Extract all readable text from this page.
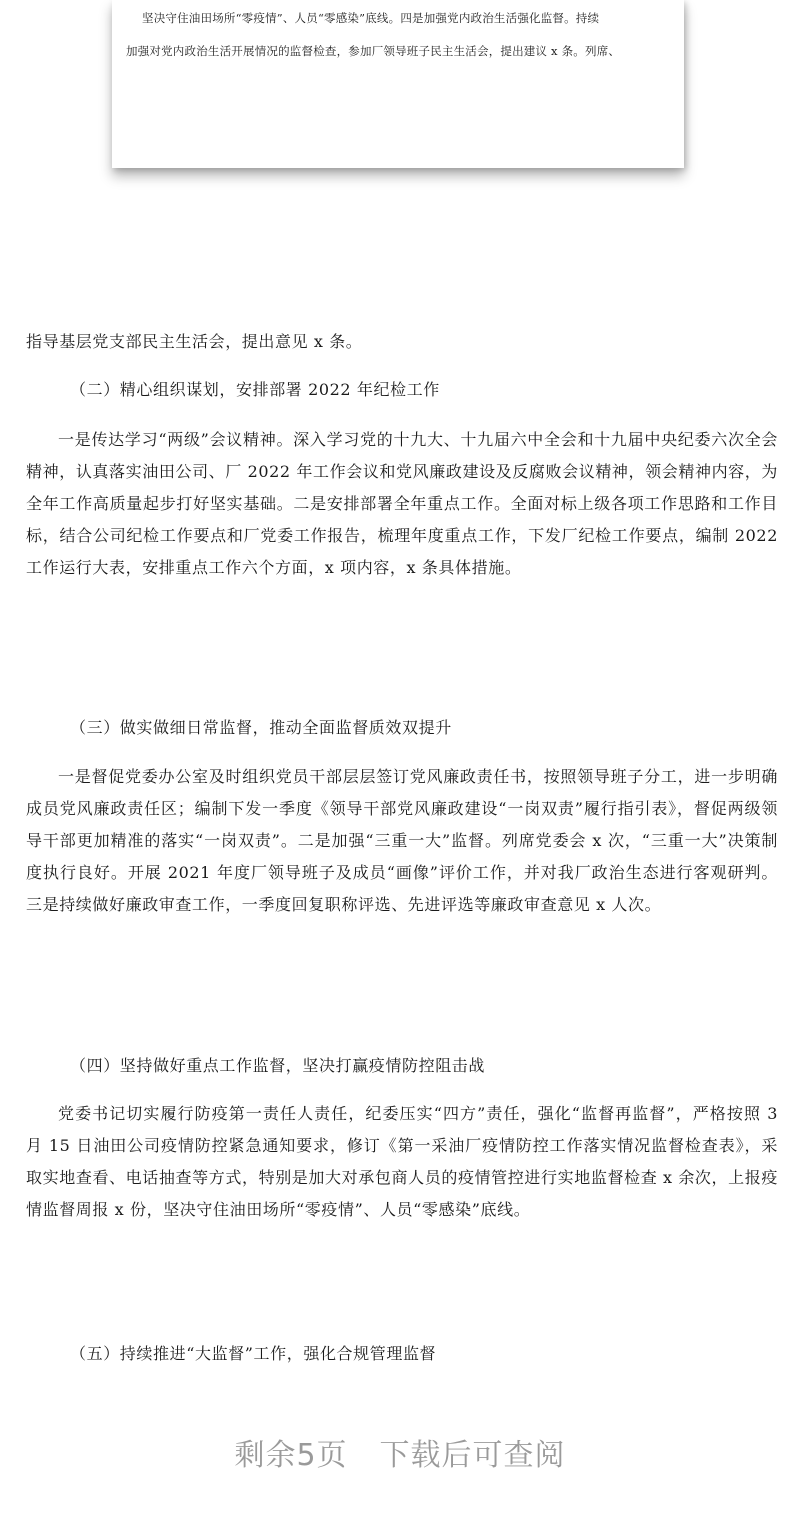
坚决守住油田场所“零疫情”、人员“零感染”底线。四是加强党内政治生活强化监督。持续
加强对党内政治生活开展情况的监督检查，参加厂领导班子民主生活会，提出建议 x 条。列席、

指导基层党支部民主生活会，提出意见 x 条。

（二）精心组织谋划，安排部署 2022 年纪检工作

一是传达学习“两级”会议精神。深入学习党的十九大、十九届六中全会和十九届中央纪委六次全会精神，认真落实油田公司、厂 2022 年工作会议和党风廉政建设及反腐败会议精神，领会精神内容，为全年工作高质量起步打好坚实基础。二是安排部署全年重点工作。全面对标上级各项工作思路和工作目标，结合公司纪检工作要点和厂党委工作报告，梳理年度重点工作，下发厂纪检工作要点，编制 2022 工作运行大表，安排重点工作六个方面，x 项内容，x 条具体措施。

（三）做实做细日常监督，推动全面监督质效双提升

一是督促党委办公室及时组织党员干部层层签订党风廉政责任书，按照领导班子分工，进一步明确成员党风廉政责任区；编制下发一季度《领导干部党风廉政建设“一岗双责”履行指引表》，督促两级领导干部更加精准的落实“一岗双责”。二是加强“三重一大”监督。列席党委会 x 次，“三重一大”决策制度执行良好。开展 2021 年度厂领导班子及成员“画像”评价工作，并对我厂政治生态进行客观研判。三是持续做好廉政审查工作，一季度回复职称评选、先进评选等廉政审查意见 x 人次。

（四）坚持做好重点工作监督，坚决打赢疫情防控阻击战

党委书记切实履行防疫第一责任人责任，纪委压实“四方”责任，强化“监督再监督”，严格按照 3 月 15 日油田公司疫情防控紧急通知要求，修订《第一采油厂疫情防控工作落实情况监督检查表》，采取实地查看、电话抽查等方式，特别是加大对承包商人员的疫情管控进行实地监督检查 x 余次，上报疫情监督周报 x 份，坚决守住油田场所“零疫情”、人员“零感染”底线。

（五）持续推进“大监督”工作，强化合规管理监督

剩余5页 下载后可查阅
